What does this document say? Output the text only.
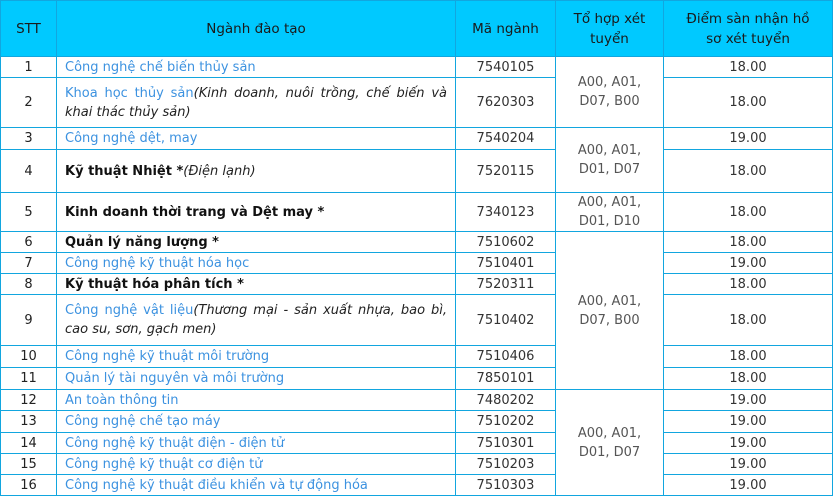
STT	Ngành đào tạo	Mã ngành	Tổ hợp xét tuyển	Điểm sàn nhận hồ sơ xét tuyển
1	Công nghệ chế biến thủy sản	7540105	A00, A01, D07, B00	18.00
2	Khoa học thủy sản(Kinh doanh, nuôi trồng, chế biến và khai thác thủy sản)	7620303		18.00
3	Công nghệ dệt, may	7540204	A00, A01, D01, D07	19.00
4	Kỹ thuật Nhiệt *(Điện lạnh)	7520115		18.00
5	Kinh doanh thời trang và Dệt may *	7340123	A00, A01, D01, D10	18.00
6	Quản lý năng lượng *	7510602	A00, A01, D07, B00	18.00
7	Công nghệ kỹ thuật hóa học	7510401		19.00
8	Kỹ thuật hóa phân tích *	7520311		18.00
9	Công nghệ vật liệu(Thương mại - sản xuất nhựa, bao bì, cao su, sơn, gạch men)	7510402		18.00
10	Công nghệ kỹ thuật môi trường	7510406		18.00
11	Quản lý tài nguyên và môi trường	7850101		18.00
12	An toàn thông tin	7480202	A00, A01, D01, D07	19.00
13	Công nghệ chế tạo máy	7510202		19.00
14	Công nghệ kỹ thuật điện - điện tử	7510301		19.00
15	Công nghệ kỹ thuật cơ điện tử	7510203		19.00
16	Công nghệ kỹ thuật điều khiển và tự động hóa	7510303		19.00
